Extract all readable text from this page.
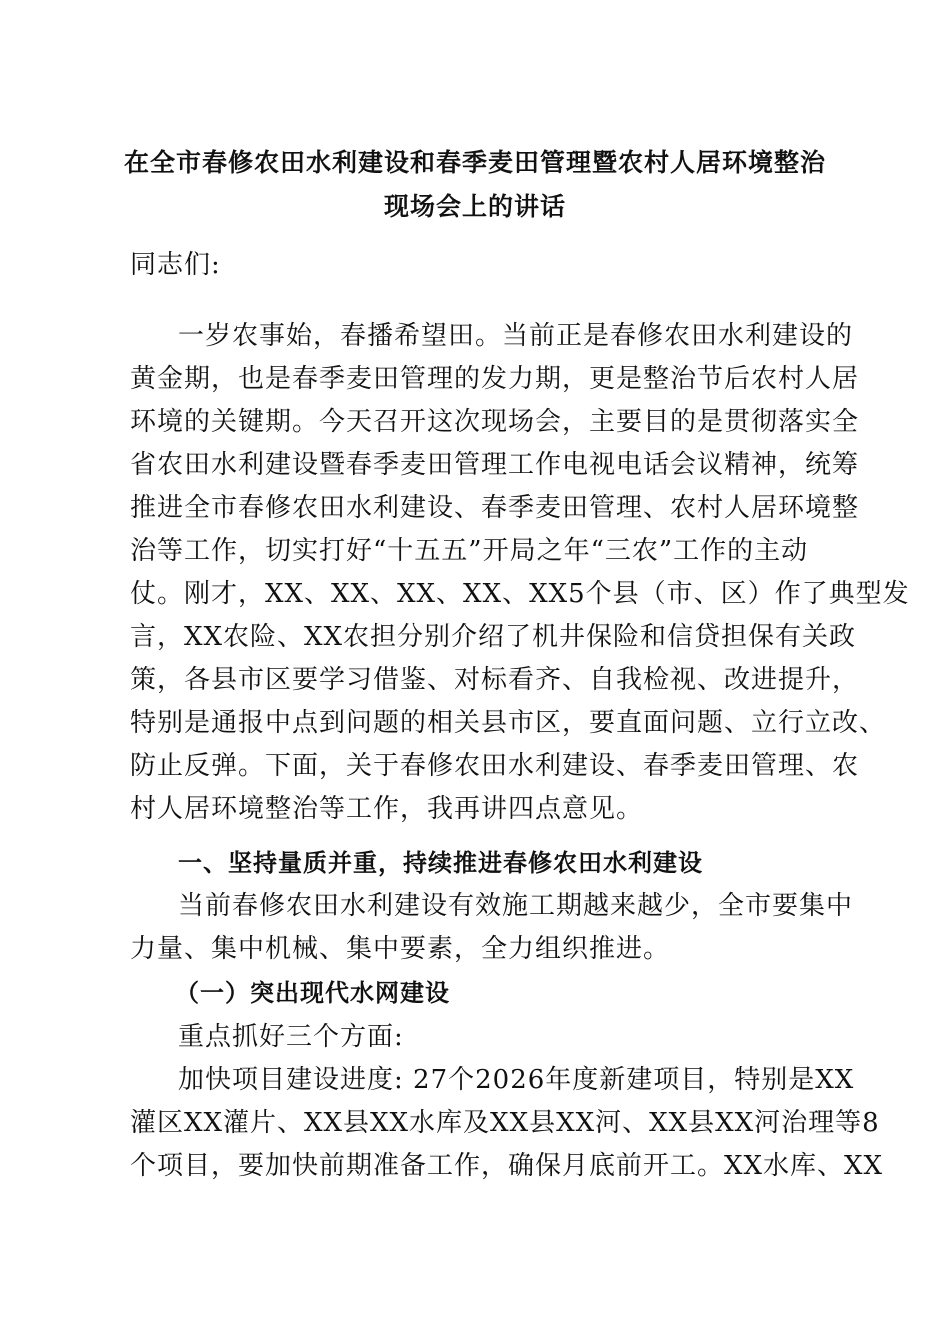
在全市春修农田水利建设和春季麦田管理暨农村人居环境整治
现场会上的讲话
同志们:
一岁农事始，春播希望田。当前正是春修农田水利建设的
黄金期，也是春季麦田管理的发力期，更是整治节后农村人居
环境的关键期。今天召开这次现场会，主要目的是贯彻落实全
省农田水利建设暨春季麦田管理工作电视电话会议精神，统筹
推进全市春修农田水利建设、春季麦田管理、农村人居环境整
治等工作，切实打好“十五五”开局之年“三农”工作的主动
仗。刚才，XX、XX、XX、XX、XX5个县（市、区）作了典型发
言，XX农险、XX农担分别介绍了机井保险和信贷担保有关政
策，各县市区要学习借鉴、对标看齐、自我检视、改进提升，
特别是通报中点到问题的相关县市区，要直面问题、立行立改、
防止反弹。下面，关于春修农田水利建设、春季麦田管理、农
村人居环境整治等工作，我再讲四点意见。
一、坚持量质并重，持续推进春修农田水利建设
当前春修农田水利建设有效施工期越来越少，全市要集中
力量、集中机械、集中要素，全力组织推进。
（一）突出现代水网建设
重点抓好三个方面:
加快项目建设进度: 27个2026年度新建项目，特别是XX
灌区XX灌片、XX县XX水库及XX县XX河、XX县XX河治理等8
个项目，要加快前期准备工作，确保月底前开工。XX水库、XX
